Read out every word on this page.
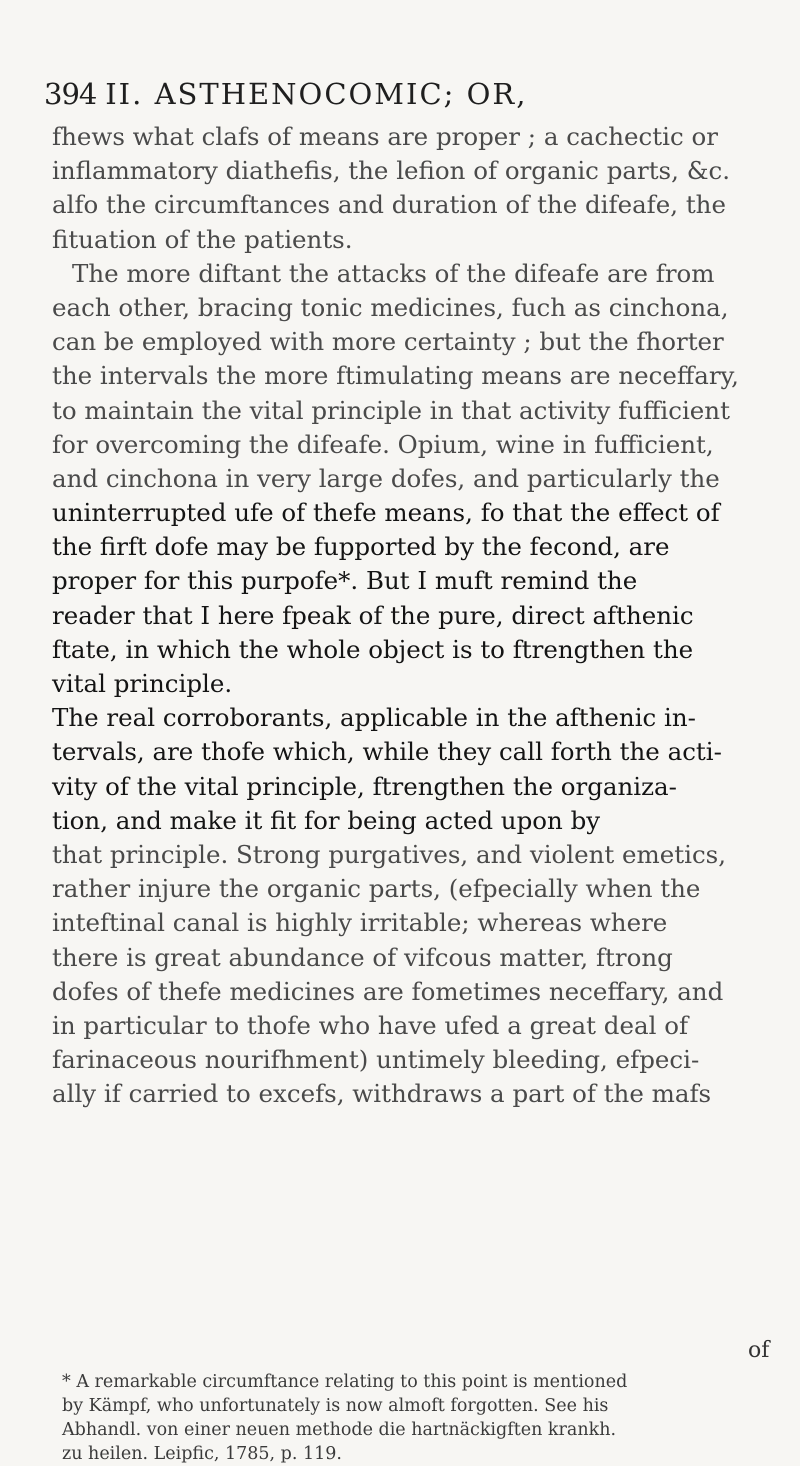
394 II. ASTHENOCOMIC; OR,
fhews what clafs of means are proper ; a cachectic or
inflammatory diathefis, the lefion of organic parts, &c.
alfo the circumftances and duration of the difeafe, the
fituation of the patients.
The more diftant the attacks of the difeafe are from
each other, bracing tonic medicines, fuch as cinchona,
can be employed with more certainty ; but the fhorter
the intervals the more ftimulating means are neceffary,
to maintain the vital principle in that activity fufficient
for overcoming the difeafe. Opium, wine in fufficient,
and cinchona in very large dofes, and particularly the
uninterrupted ufe of thefe means, fo that the effect of
the firft dofe may be fupported by the fecond, are
proper for this purpofe*. But I muft remind the
reader that I here fpeak of the pure, direct afthenic
ftate, in which the whole object is to ftrengthen the
vital principle.
The real corroborants, applicable in the afthenic in-
tervals, are thofe which, while they call forth the acti-
vity of the vital principle, ftrengthen the organiza-
tion, and make it fit for being acted upon by
that principle. Strong purgatives, and violent emetics,
rather injure the organic parts, (efpecially when the
inteftinal canal is highly irritable; whereas where
there is great abundance of vifcous matter, ftrong
dofes of thefe medicines are fometimes neceffary, and
in particular to thofe who have ufed a great deal of
farinaceous nourifhment) untimely bleeding, efpeci-
ally if carried to excefs, withdraws a part of the mafs
of
* A remarkable circumftance relating to this point is mentioned
by Kämpf, who unfortunately is now almoft forgotten. See his
Abhandl. von einer neuen methode die hartnäckigften krankh.
zu heilen. Leipfic, 1785, p. 119.
